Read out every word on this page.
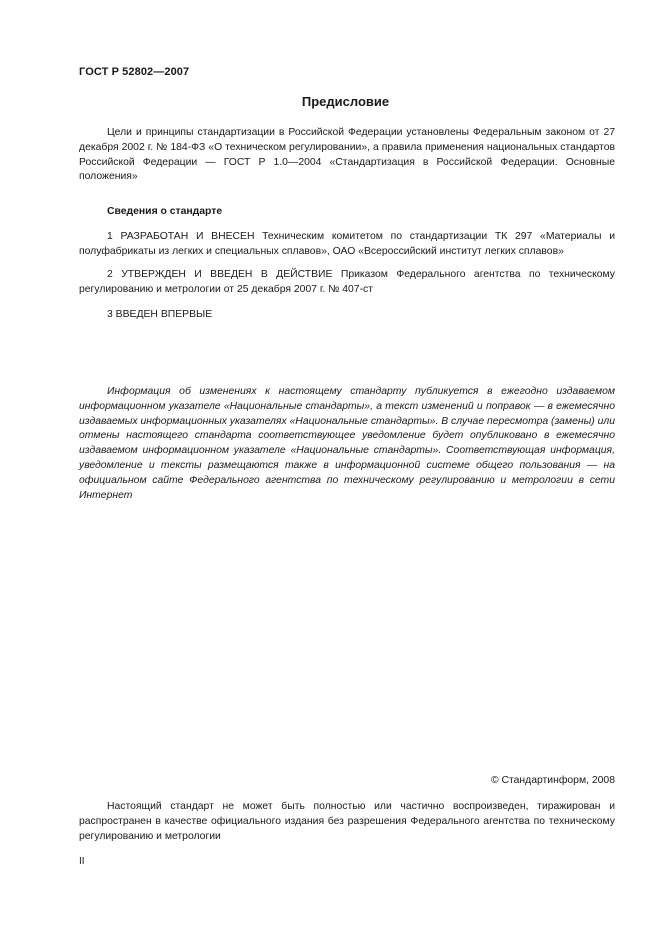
ГОСТ Р 52802—2007
Предисловие

Цели и принципы стандартизации в Российской Федерации установлены Федеральным законом от 27 декабря 2002 г. № 184-ФЗ «О техническом регулировании», а правила применения национальных стандартов Российской Федерации — ГОСТ Р 1.0—2004 «Стандартизация в Российской Федерации. Основные положения»

Сведения о стандарте

1 РАЗРАБОТАН И ВНЕСЕН Техническим комитетом по стандартизации ТК 297 «Материалы и полуфабрикаты из легких и специальных сплавов», ОАО «Всероссийский институт легких сплавов»

2 УТВЕРЖДЕН И ВВЕДЕН В ДЕЙСТВИЕ Приказом Федерального агентства по техническому регулированию и метрологии от 25 декабря 2007 г. № 407-ст

3 ВВЕДЕН ВПЕРВЫЕ

Информация об изменениях к настоящему стандарту публикуется в ежегодно издаваемом информационном указателе «Национальные стандарты», а текст изменений и поправок — в ежемесячно издаваемых информационных указателях «Национальные стандарты». В случае пересмотра (замены) или отмены настоящего стандарта соответствующее уведомление будет опубликовано в ежемесячно издаваемом информационном указателе «Национальные стандарты». Соответствующая информация, уведомление и тексты размещаются также в информационной системе общего пользования — на официальном сайте Федерального агентства по техническому регулированию и метрологии в сети Интернет

© Стандартинформ, 2008

Настоящий стандарт не может быть полностью или частично воспроизведен, тиражирован и распространен в качестве официального издания без разрешения Федерального агентства по техническому регулированию и метрологии

II
